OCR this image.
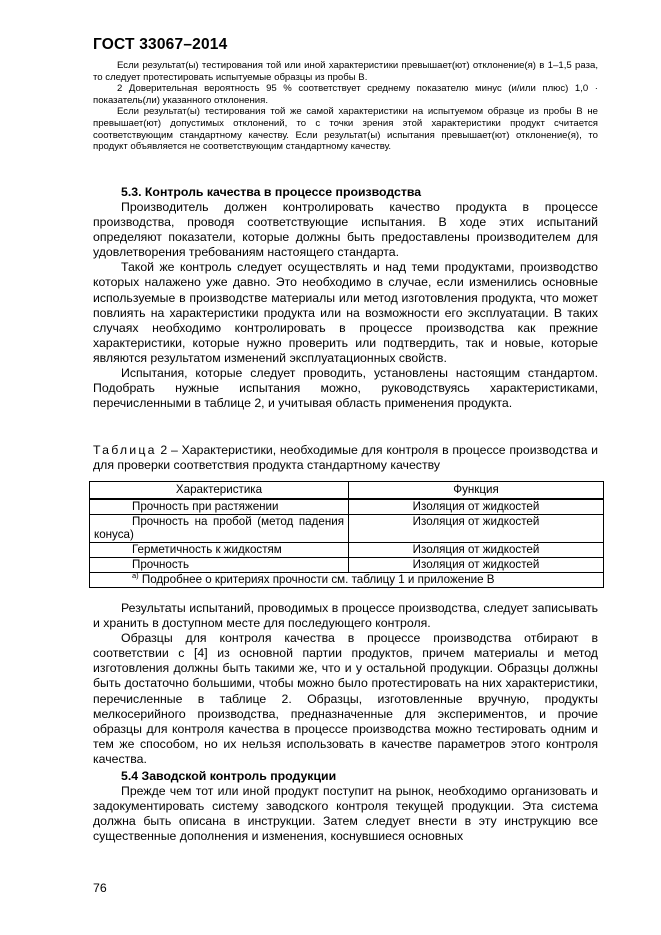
ГОСТ 33067–2014

Если результат(ы) тестирования той или иной характеристики превышает(ют) отклонение(я) в 1–1,5 раза, то следует протестировать испытуемые образцы из пробы В.

2 Доверительная вероятность 95 % соответствует среднему показателю минус (и/или плюс) 1,0 · показатель(ли) указанного отклонения.

Если результат(ы) тестирования той же самой характеристики на испытуемом образце из пробы В не превышает(ют) допустимых отклонений, то с точки зрения этой характеристики продукт считается соответствующим стандартному качеству. Если результат(ы) испытания превышает(ют) отклонение(я), то продукт объявляется не соответствующим стандартному качеству.

5.3. Контроль качества в процессе производства

Производитель должен контролировать качество продукта в процессе производства, проводя соответствующие испытания. В ходе этих испытаний определяют показатели, которые должны быть предоставлены производителем для удовлетворения требованиям настоящего стандарта.

Такой же контроль следует осуществлять и над теми продуктами, производство которых налажено уже давно. Это необходимо в случае, если изменились основные используемые в производстве материалы или метод изготовления продукта, что может повлиять на характеристики продукта или на возможности его эксплуатации. В таких случаях необходимо контролировать в процессе производства как прежние характеристики, которые нужно проверить или подтвердить, так и новые, которые являются результатом изменений эксплуатационных свойств.

Испытания, которые следует проводить, установлены настоящим стандартом. Подобрать нужные испытания можно, руководствуясь характеристиками, перечисленными в таблице 2, и учитывая область применения продукта.

Таблица 2 – Характеристики, необходимые для контроля в процессе производства и для проверки соответствия продукта стандартному качеству
Характеристика	Функция
Прочность при растяжении	Изоляция от жидкостей
Прочность на пробой (метод падения конуса)	Изоляция от жидкостей
Герметичность к жидкостям	Изоляция от жидкостей
Прочность	Изоляция от жидкостей
$^{а)}$ Подробнее о критериях прочности см. таблицу 1 и приложение В	

Результаты испытаний, проводимых в процессе производства, следует записывать и хранить в доступном месте для последующего контроля.

Образцы для контроля качества в процессе производства отбирают в соответствии с [4] из основной партии продуктов, причем материалы и метод изготовления должны быть такими же, что и у остальной продукции. Образцы должны быть достаточно большими, чтобы можно было протестировать на них характеристики, перечисленные в таблице 2. Образцы, изготовленные вручную, продукты мелкосерийного производства, предназначенные для экспериментов, и прочие образцы для контроля качества в процессе производства можно тестировать одним и тем же способом, но их нельзя использовать в качестве параметров этого контроля качества.

5.4 Заводской контроль продукции

Прежде чем тот или иной продукт поступит на рынок, необходимо организовать и задокументировать систему заводского контроля текущей продукции. Эта система должна быть описана в инструкции. Затем следует внести в эту инструкцию все существенные дополнения и изменения, коснувшиеся основных

76
